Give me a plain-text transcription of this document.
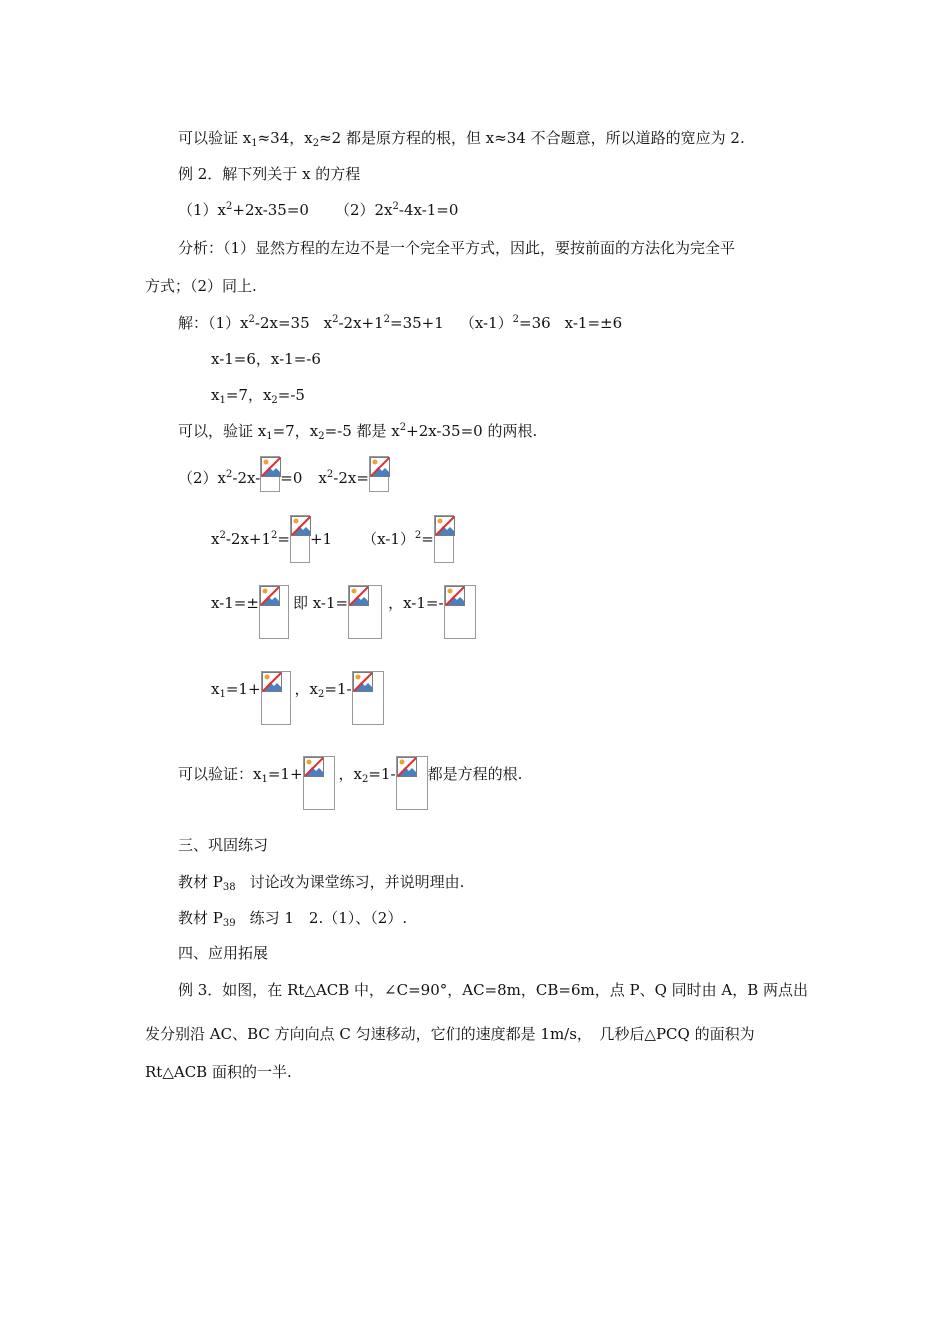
可以验证 $x_1\approx 34$，$x_2\approx 2$ 都是原方程的根，但 x≈34 不合题意，所以道路的宽应为 2.
例 2．解下列关于 x 的方程
$(1)x^2+2x-35=0$ $(2)2x^2-4x-1=0$
分析：（1）显然方程的左边不是一个完全平方式，因此，要按前面的方法化为完全平
方式；（2）同上.
解：$(1)x^2-2x=35$ $x^2-2x+1^2=35+1$ $(x-1)^2=36$ x-1=±6
x-1=6，x-1=-6
$x_1=7$，$x_2=-5$
可以，验证 $x_1=7$，$x_2=-5$ 都是 $x^2+2x-35=0$ 的两根.
$(2)x^2-2x- =0$ $x^2-2x=$
$x^2-2x+1^2= +1$ $(x-1)^2=$
x-1=± 即 x-1=	，x-1=-
$x_1=1+$ ，$x_2=1-$
可以验证：$x_1=1+$ ，$x_2=1-$ 都是方程的根.
三、巩固练习
教材 $P_{38}$ 讨论改为课堂练习，并说明理由.
教材 $P_{39}$ 练习 1　2.（1）、（2）.
四、应用拓展
例 3．如图，在 Rt△ACB 中，∠C=90°，AC=8m，CB=6m，点 P、Q 同时由 A，B 两点出
发分别沿 AC、BC 方向向点 C 匀速移动，它们的速度都是 1m/s，　几秒后△PCQ 的面积为
Rt△ACB 面积的一半.
